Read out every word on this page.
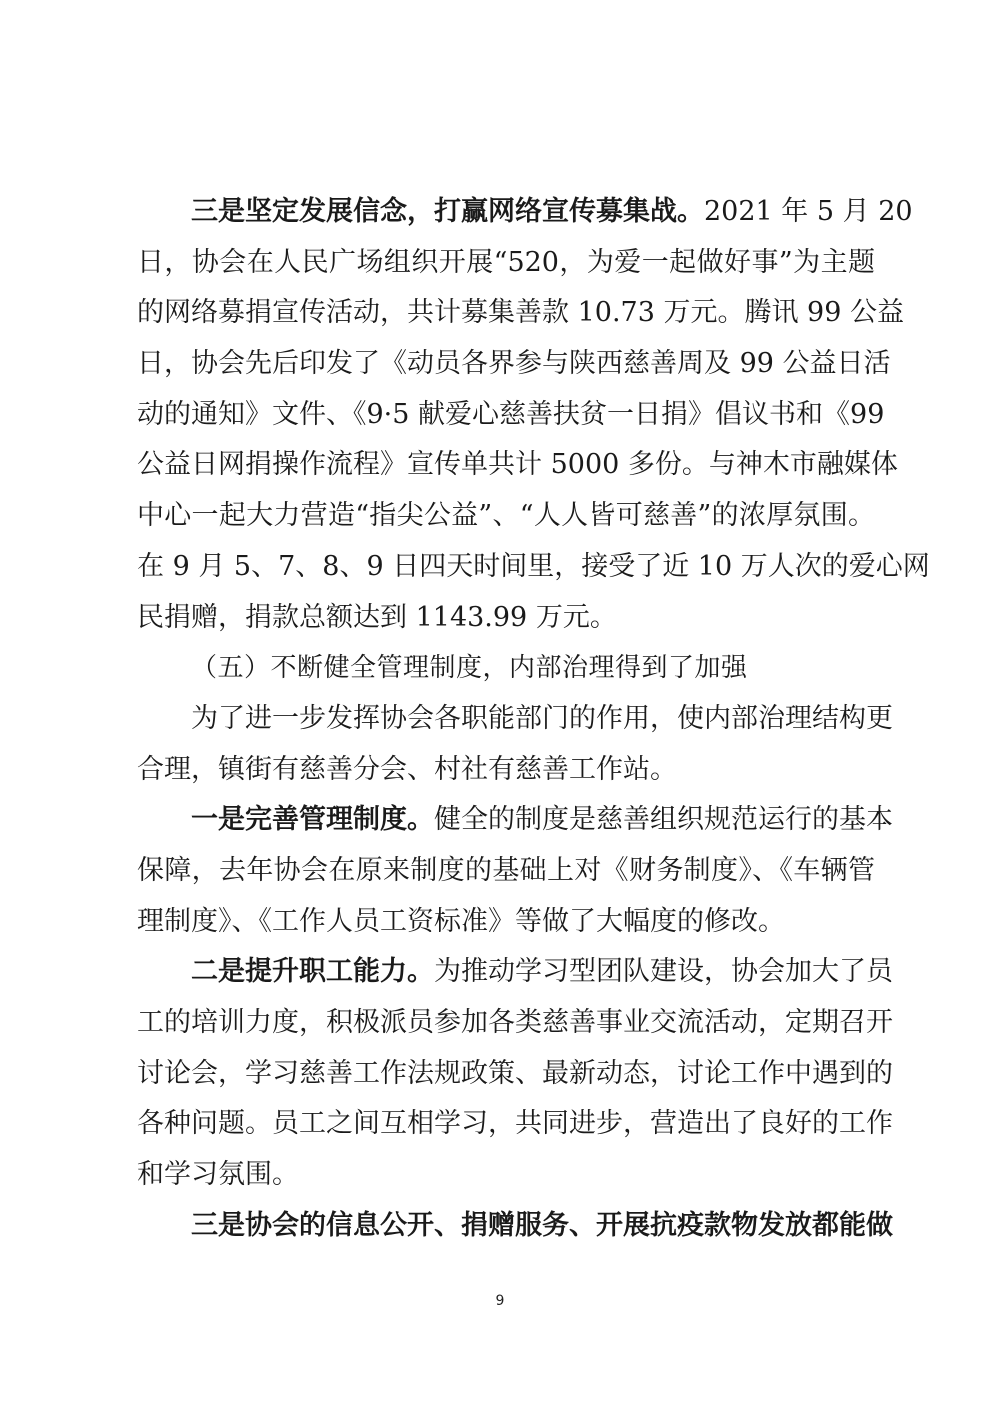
三是坚定发展信念，打赢网络宣传募集战。2021 年 5 月 20
日，协会在人民广场组织开展“520，为爱一起做好事”为主题
的网络募捐宣传活动，共计募集善款 10.73 万元。腾讯 99 公益
日，协会先后印发了《动员各界参与陕西慈善周及 99 公益日活
动的通知》文件、《9·5 献爱心慈善扶贫一日捐》倡议书和《99
公益日网捐操作流程》宣传单共计 5000 多份。与神木市融媒体
中心一起大力营造“指尖公益”、“人人皆可慈善”的浓厚氛围。
在 9 月 5、7、8、9 日四天时间里，接受了近 10 万人次的爱心网
民捐赠，捐款总额达到 1143.99 万元。
（五）不断健全管理制度，内部治理得到了加强
为了进一步发挥协会各职能部门的作用，使内部治理结构更
合理，镇街有慈善分会、村社有慈善工作站。
一是完善管理制度。健全的制度是慈善组织规范运行的基本
保障，去年协会在原来制度的基础上对《财务制度》、《车辆管
理制度》、《工作人员工资标准》等做了大幅度的修改。
二是提升职工能力。为推动学习型团队建设，协会加大了员
工的培训力度，积极派员参加各类慈善事业交流活动，定期召开
讨论会，学习慈善工作法规政策、最新动态，讨论工作中遇到的
各种问题。员工之间互相学习，共同进步，营造出了良好的工作
和学习氛围。
三是协会的信息公开、捐赠服务、开展抗疫款物发放都能做
9
